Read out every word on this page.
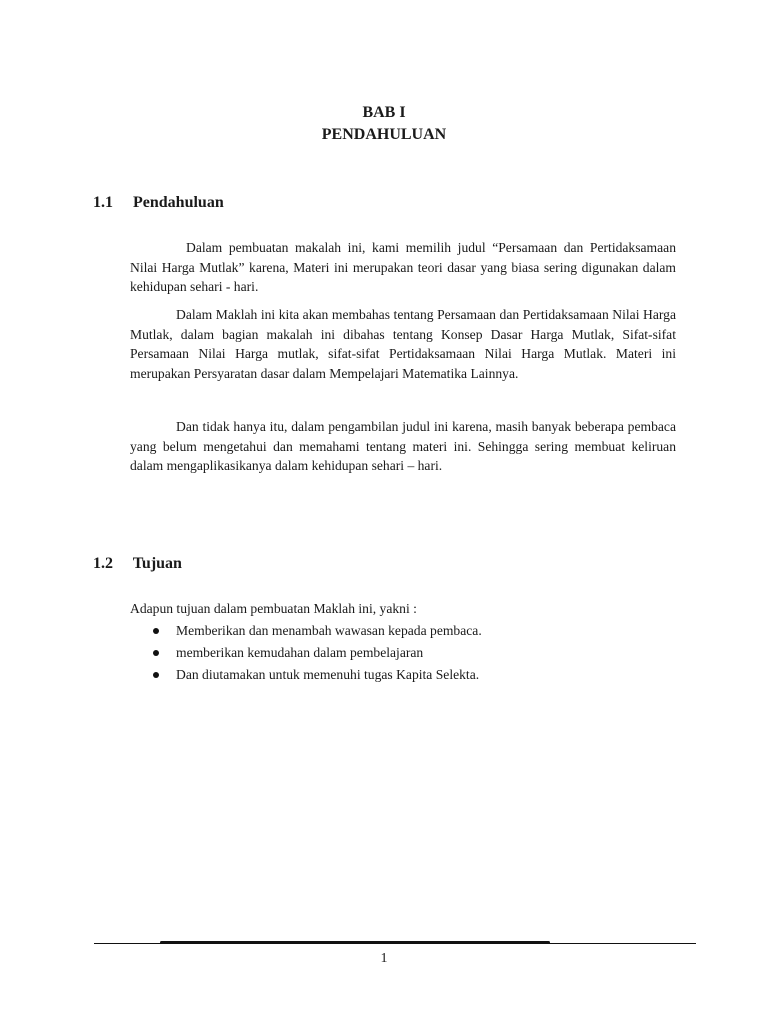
BAB I
PENDAHULUAN
1.1 Pendahuluan

Dalam pembuatan makalah ini, kami memilih judul “Persamaan dan Pertidaksamaan Nilai Harga Mutlak” karena, Materi ini merupakan teori dasar yang biasa sering digunakan dalam kehidupan sehari - hari.

Dalam Maklah ini kita akan membahas tentang Persamaan dan Pertidaksamaan Nilai Harga Mutlak, dalam bagian makalah ini dibahas tentang Konsep Dasar Harga Mutlak, Sifat-sifat Persamaan Nilai Harga mutlak, sifat-sifat Pertidaksamaan Nilai Harga Mutlak. Materi ini merupakan Persyaratan dasar dalam Mempelajari Matematika Lainnya.

Dan tidak hanya itu, dalam pengambilan judul ini karena, masih banyak beberapa pembaca yang belum mengetahui dan memahami tentang materi ini. Sehingga sering membuat keliruan dalam mengaplikasikanya dalam kehidupan sehari – hari.

1.2 Tujuan

Adapun tujuan dalam pembuatan Maklah ini, yakni :

Memberikan dan menambah wawasan kepada pembaca.
memberikan kemudahan dalam pembelajaran
Dan diutamakan untuk memenuhi tugas Kapita Selekta.
1
